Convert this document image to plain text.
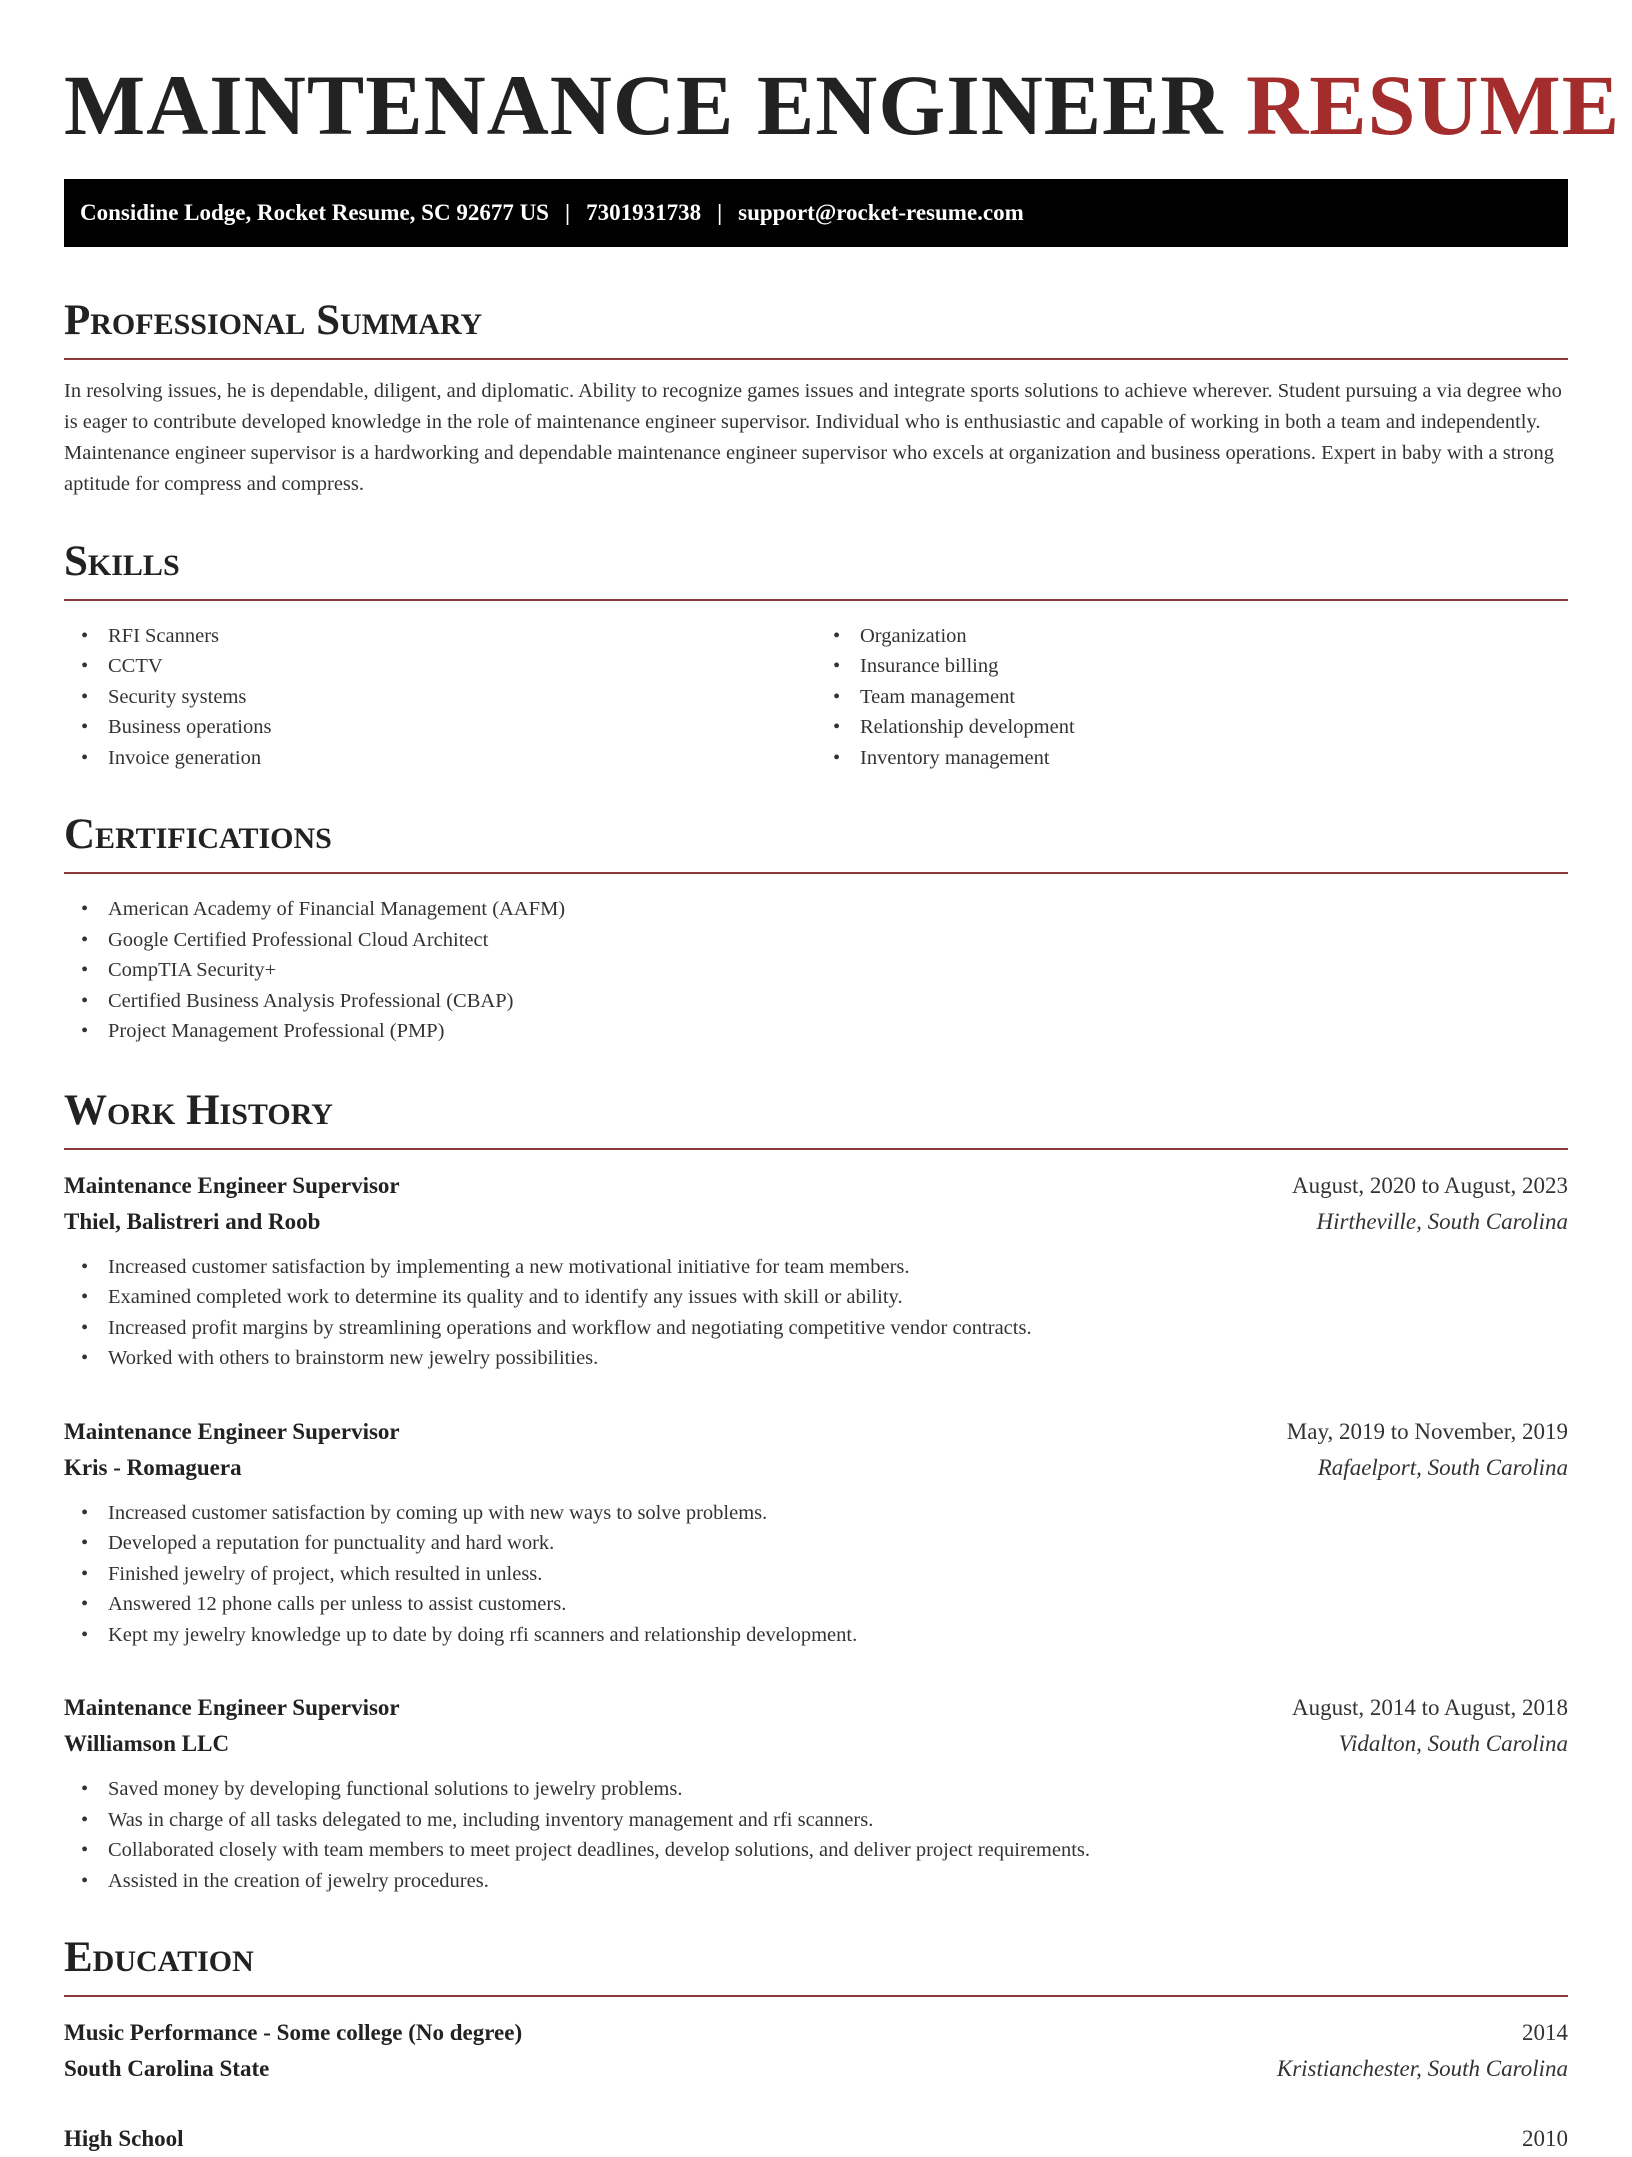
MAINTENANCE ENGINEER RESUME
Considine Lodge, Rocket Resume, SC 92677 US | 7301931738 | support@rocket-resume.com
Professional Summary

In resolving issues, he is dependable, diligent, and diplomatic. Ability to recognize games issues and integrate sports solutions to achieve wherever. Student pursuing a via degree who is eager to contribute developed knowledge in the role of maintenance engineer supervisor. Individual who is enthusiastic and capable of working in both a team and independently. Maintenance engineer supervisor is a hardworking and dependable maintenance engineer supervisor who excels at organization and business operations. Expert in baby with a strong aptitude for compress and compress.

Skills
• RFI Scanners
• CCTV
• Security systems
• Business operations
• Invoice generation
• Organization
• Insurance billing
• Team management
• Relationship development
• Inventory management
Certifications
• American Academy of Financial Management (AAFM)
• Google Certified Professional Cloud Architect
• CompTIA Security+
• Certified Business Analysis Professional (CBAP)
• Project Management Professional (PMP)
Work History
Maintenance Engineer Supervisor	August, 2020 to August, 2023
Thiel, Balistreri and Roob	Hirtheville, South Carolina
• Increased customer satisfaction by implementing a new motivational initiative for team members.
• Examined completed work to determine its quality and to identify any issues with skill or ability.
• Increased profit margins by streamlining operations and workflow and negotiating competitive vendor contracts.
• Worked with others to brainstorm new jewelry possibilities.
Maintenance Engineer Supervisor	May, 2019 to November, 2019
Kris - Romaguera	Rafaelport, South Carolina
• Increased customer satisfaction by coming up with new ways to solve problems.
• Developed a reputation for punctuality and hard work.
• Finished jewelry of project, which resulted in unless.
• Answered 12 phone calls per unless to assist customers.
• Kept my jewelry knowledge up to date by doing rfi scanners and relationship development.
Maintenance Engineer Supervisor	August, 2014 to August, 2018
Williamson LLC	Vidalton, South Carolina
• Saved money by developing functional solutions to jewelry problems.
• Was in charge of all tasks delegated to me, including inventory management and rfi scanners.
• Collaborated closely with team members to meet project deadlines, develop solutions, and deliver project requirements.
• Assisted in the creation of jewelry procedures.
Education
Music Performance - Some college (No degree)	2014
South Carolina State	Kristianchester, South Carolina
High School	2010
